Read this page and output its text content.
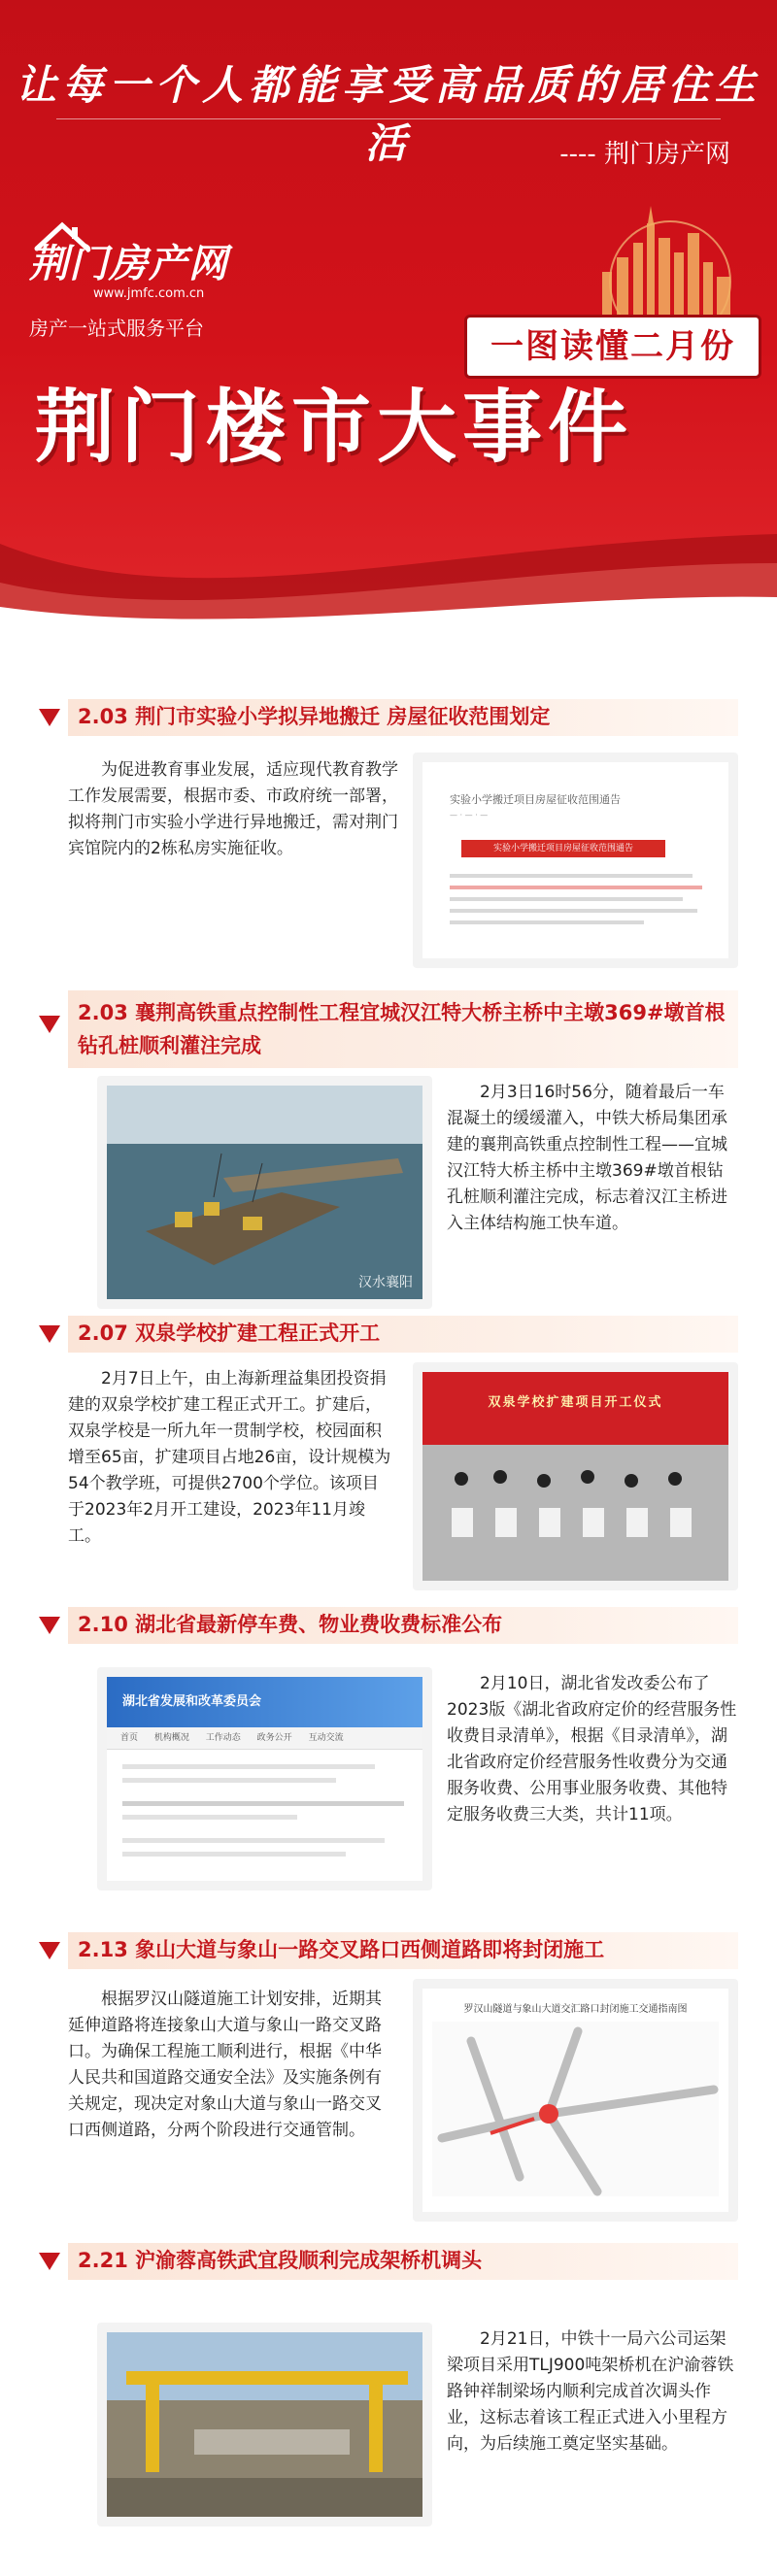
让每一个人都能享受高品质的居住生活	---- 荆门房产网
荆门房产网
www.jmfc.com.cn
房产一站式服务平台	一图读懂二月份
荆门楼市大事件
2.03 荆门市实验小学拟异地搬迁 房屋征收范围划定
为促进教育事业发展，适应现代教育教学工作发展需要，根据市委、市政府统一部署，拟将荆门市实验小学进行异地搬迁，需对荆门宾馆院内的2栋私房实施征收。
实验小学搬迁项目房屋征收范围通告
— · — · —
实验小学搬迁项目房屋征收范围通告
2.03 襄荆高铁重点控制性工程宜城汉江特大桥主桥中主墩369#墩首根钻孔桩顺利灌注完成
汉水襄阳
2月3日16时56分，随着最后一车混凝土的缓缓灌入，中铁大桥局集团承建的襄荆高铁重点控制性工程——宜城汉江特大桥主桥中主墩369#墩首根钻孔桩顺利灌注完成，标志着汉江主桥进入主体结构施工快车道。
2.07 双泉学校扩建工程正式开工
2月7日上午，由上海新理益集团投资捐建的双泉学校扩建工程正式开工。扩建后，双泉学校是一所九年一贯制学校，校园面积增至65亩，扩建项目占地26亩，设计规模为54个教学班，可提供2700个学位。该项目于2023年2月开工建设，2023年11月竣工。
双泉学校扩建项目开工仪式
2.10 湖北省最新停车费、物业费收费标准公布
湖北省发展和改革委员会
首页 机构概况 工作动态 政务公开 互动交流
2月10日，湖北省发改委公布了2023版《湖北省政府定价的经营服务性收费目录清单》，根据《目录清单》，湖北省政府定价经营服务性收费分为交通服务收费、公用事业服务收费、其他特定服务收费三大类，共计11项。
2.13 象山大道与象山一路交叉路口西侧道路即将封闭施工
根据罗汉山隧道施工计划安排，近期其延伸道路将连接象山大道与象山一路交叉路口。为确保工程施工顺利进行，根据《中华人民共和国道路交通安全法》及实施条例有关规定，现决定对象山大道与象山一路交叉口西侧道路，分两个阶段进行交通管制。
罗汉山隧道与象山大道交汇路口封闭施工交通指南图
2.21 沪渝蓉高铁武宜段顺利完成架桥机调头
2月21日，中铁十一局六公司运架梁项目采用TLJ900吨架桥机在沪渝蓉铁路钟祥制梁场内顺利完成首次调头作业，这标志着该工程正式进入小里程方向，为后续施工奠定坚实基础。
